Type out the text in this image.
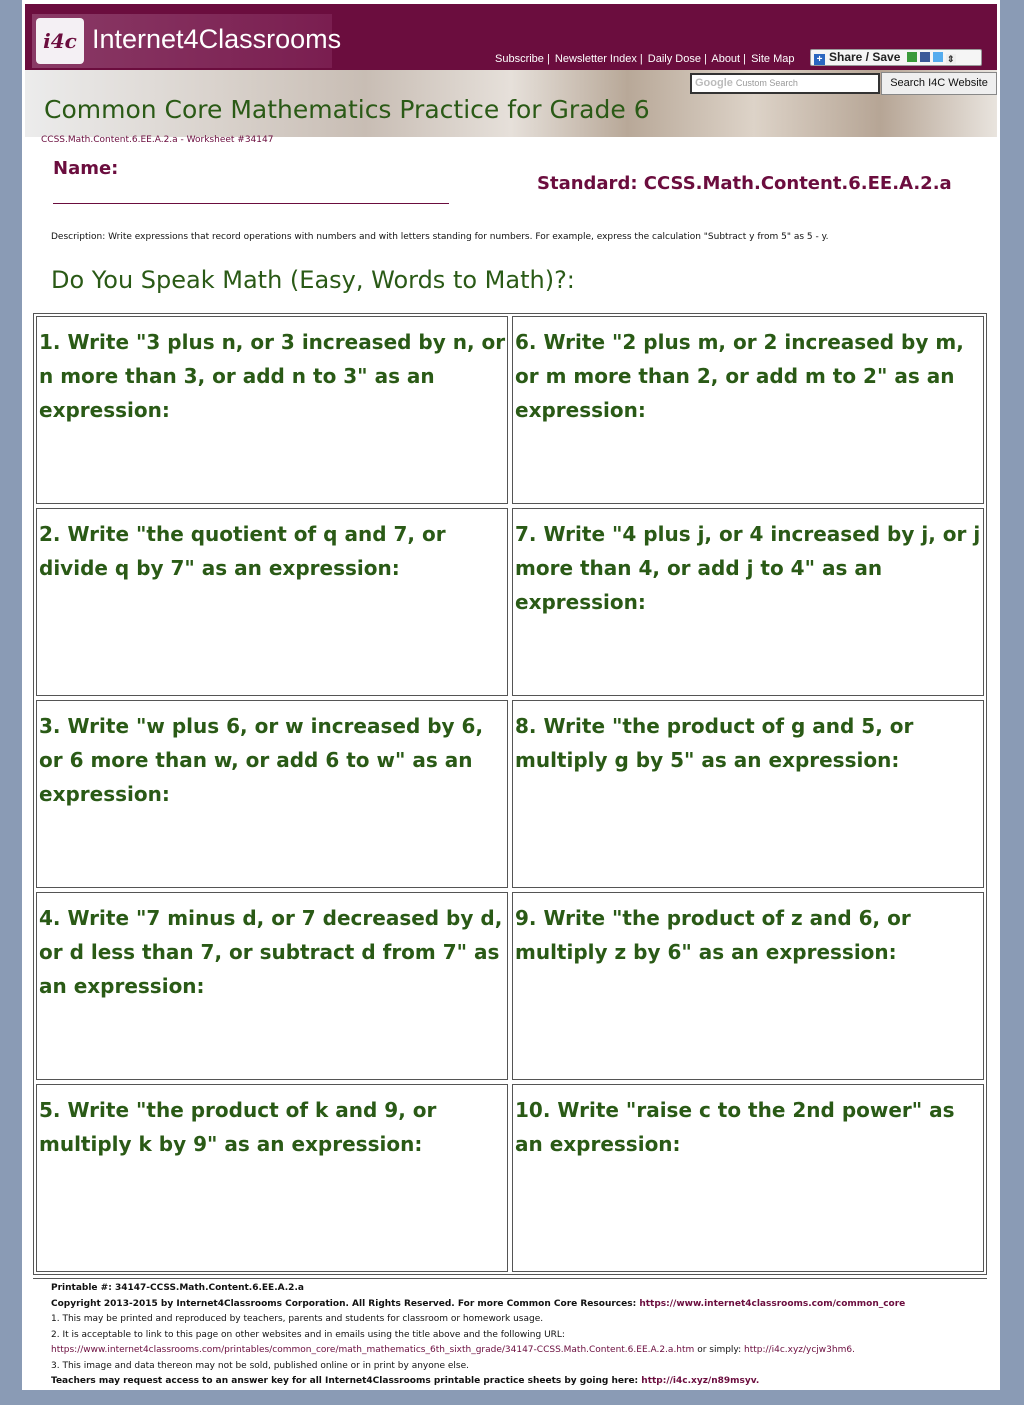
i4c Internet4Classrooms
Subscribe | Newsletter Index | Daily Dose | About | Site Map	+ Share / Save	⇕
Google Custom Search	Search I4C Website
Common Core Mathematics Practice for Grade 6
CCSS.Math.Content.6.EE.A.2.a - Worksheet #34147
Name:
Standard: CCSS.Math.Content.6.EE.A.2.a
Description: Write expressions that record operations with numbers and with letters standing for numbers. For example, express the calculation "Subtract y from 5" as 5 - y.
Do You Speak Math (Easy, Words to Math)?:
1. Write "3 plus n, or 3 increased by n, or n more than 3, or add n to 3" as an expression:
6. Write "2 plus m, or 2 increased by m, or m more than 2, or add m to 2" as an expression:
2. Write "the quotient of q and 7, or divide q by 7" as an expression:
7. Write "4 plus j, or 4 increased by j, or j more than 4, or add j to 4" as an expression:
3. Write "w plus 6, or w increased by 6, or 6 more than w, or add 6 to w" as an expression:
8. Write "the product of g and 5, or multiply g by 5" as an expression:
4. Write "7 minus d, or 7 decreased by d, or d less than 7, or subtract d from 7" as an expression:
9. Write "the product of z and 6, or multiply z by 6" as an expression:
5. Write "the product of k and 9, or multiply k by 9" as an expression:
10. Write "raise c to the 2nd power" as an expression:
Printable #: 34147-CCSS.Math.Content.6.EE.A.2.a
Copyright 2013-2015 by Internet4Classrooms Corporation. All Rights Reserved. For more Common Core Resources: https://www.internet4classrooms.com/common_core
1. This may be printed and reproduced by teachers, parents and students for classroom or homework usage.
2. It is acceptable to link to this page on other websites and in emails using the title above and the following URL:
https://www.internet4classrooms.com/printables/common_core/math_mathematics_6th_sixth_grade/34147-CCSS.Math.Content.6.EE.A.2.a.htm or simply: http://i4c.xyz/ycjw3hm6.
3. This image and data thereon may not be sold, published online or in print by anyone else.
Teachers may request access to an answer key for all Internet4Classrooms printable practice sheets by going here: http://i4c.xyz/n89msyv.
